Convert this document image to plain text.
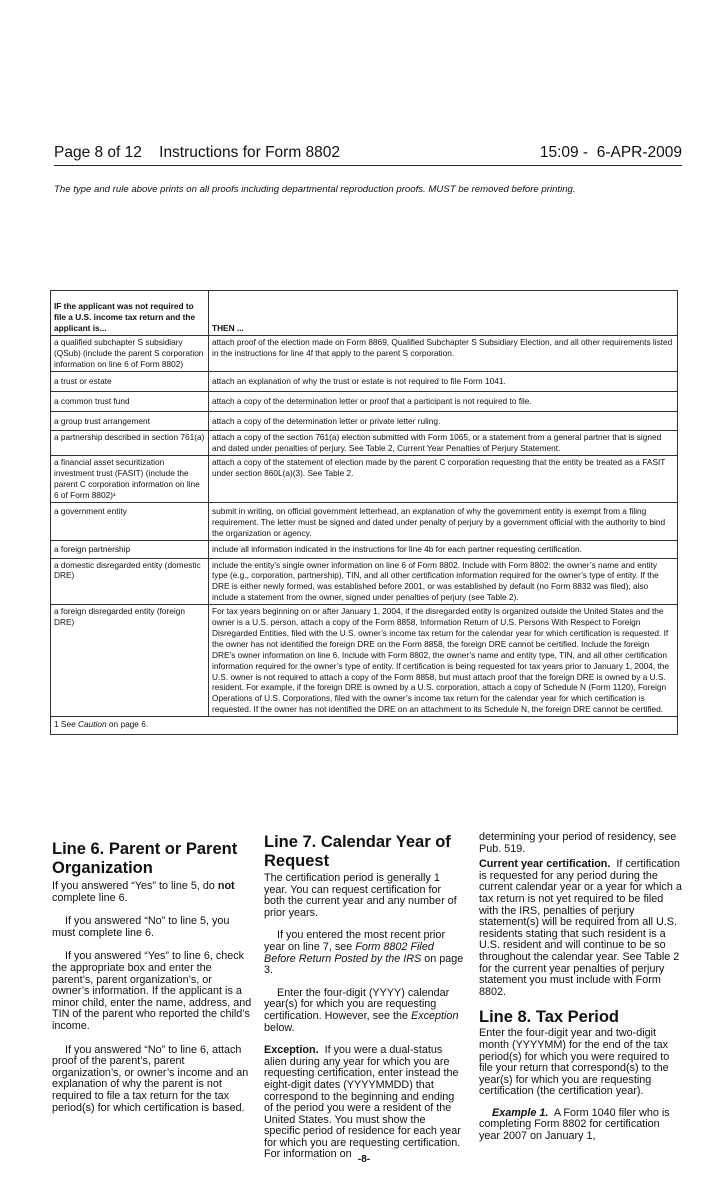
Page 8 of 12    Instructions for Form 8802	15:09 -  6-APR-2009
The type and rule above prints on all proofs including departmental reproduction proofs. MUST be removed before printing.
IF the applicant was not required to file a U.S. income tax return and the applicant is...	THEN ...
a qualified subchapter S subsidiary (QSub) (include the parent S corporation information on line 6 of Form 8802)	attach proof of the election made on Form 8869, Qualified Subchapter S Subsidiary Election, and all other requirements listed in the instructions for line 4f that apply to the parent S corporation.
a trust or estate	attach an explanation of why the trust or estate is not required to file Form 1041.
a common trust fund	attach a copy of the determination letter or proof that a participant is not required to file.
a group trust arrangement	attach a copy of the determination letter or private letter ruling.
a partnership described in section 761(a)	attach a copy of the section 761(a) election submitted with Form 1065, or a statement from a general partner that is signed and dated under penalties of perjury. See Table 2, Current Year Penalties of Perjury Statement.
a financial asset securitization investment trust (FASIT) (include the parent C corporation information on line 6 of Form 8802)¹	attach a copy of the statement of election made by the parent C corporation requesting that the entity be treated as a FASIT under section 860L(a)(3). See Table 2.
a government entity	submit in writing, on official government letterhead, an explanation of why the government entity is exempt from a filing requirement. The letter must be signed and dated under penalty of perjury by a government official with the authority to bind the organization or agency.
a foreign partnership	include all information indicated in the instructions for line 4b for each partner requesting certification.
a domestic disregarded entity (domestic DRE)	include the entity’s single owner information on line 6 of Form 8802. Include with Form 8802: the owner’s name and entity type (e.g., corporation, partnership), TIN, and all other certification information required for the owner’s type of entity. If the DRE is either newly formed, was established before 2001, or was established by default (no Form 8832 was filed), also include a statement from the owner, signed under penalties of perjury (see Table 2).
a foreign disregarded entity (foreign DRE)	For tax years beginning on or after January 1, 2004, if the disregarded entity is organized outside the United States and the owner is a U.S. person, attach a copy of the Form 8858, Information Return of U.S. Persons With Respect to Foreign Disregarded Entities, filed with the U.S. owner’s income tax return for the calendar year for which certification is requested. If the owner has not identified the foreign DRE on the Form 8858, the foreign DRE cannot be certified. Include the foreign DRE’s owner information on line 6. Include with Form 8802, the owner’s name and entity type, TIN, and all other certification information required for the owner’s type of entity. If certification is being requested for tax years prior to January 1, 2004, the U.S. owner is not required to attach a copy of the Form 8858, but must attach proof that the foreign DRE is owned by a U.S. resident. For example, if the foreign DRE is owned by a U.S. corporation, attach a copy of Schedule N (Form 1120), Foreign Operations of U.S. Corporations, filed with the owner’s income tax return for the calendar year for which certification is requested. If the owner has not identified the DRE on an attachment to its Schedule N, the foreign DRE cannot be certified.
1 See Caution on page 6.	
Line 6. Parent or Parent Organization

If you answered “Yes” to line 5, do not complete line 6.

If you answered “No” to line 5, you must complete line 6.

If you answered “Yes” to line 6, check the appropriate box and enter the parent’s, parent organization’s, or owner’s information. If the applicant is a minor child, enter the name, address, and TIN of the parent who reported the child’s income.

If you answered “No” to line 6, attach proof of the parent’s, parent organization’s, or owner’s income and an explanation of why the parent is not required to file a tax return for the tax period(s) for which certification is based.

Line 7. Calendar Year of Request

The certification period is generally 1 year. You can request certification for both the current year and any number of prior years.

If you entered the most recent prior year on line 7, see Form 8802 Filed Before Return Posted by the IRS on page 3.

Enter the four-digit (YYYY) calendar year(s) for which you are requesting certification. However, see the Exception below.

Exception.  If you were a dual-status alien during any year for which you are requesting certification, enter instead the eight-digit dates (YYYYMMDD) that correspond to the beginning and ending of the period you were a resident of the United States. You must show the specific period of residence for each year for which you are requesting certification. For information on

determining your period of residency, see Pub. 519.

Current year certification.  If certification is requested for any period during the current calendar year or a year for which a tax return is not yet required to be filed with the IRS, penalties of perjury statement(s) will be required from all U.S. residents stating that such resident is a U.S. resident and will continue to be so throughout the calendar year. See Table 2 for the current year penalties of perjury statement you must include with Form 8802.

Line 8. Tax Period

Enter the four-digit year and two-digit month (YYYYMM) for the end of the tax period(s) for which you were required to file your return that correspond(s) to the year(s) for which you are requesting certification (the certification year).

Example 1.  A Form 1040 filer who is completing Form 8802 for certification year 2007 on January 1,

-8-
